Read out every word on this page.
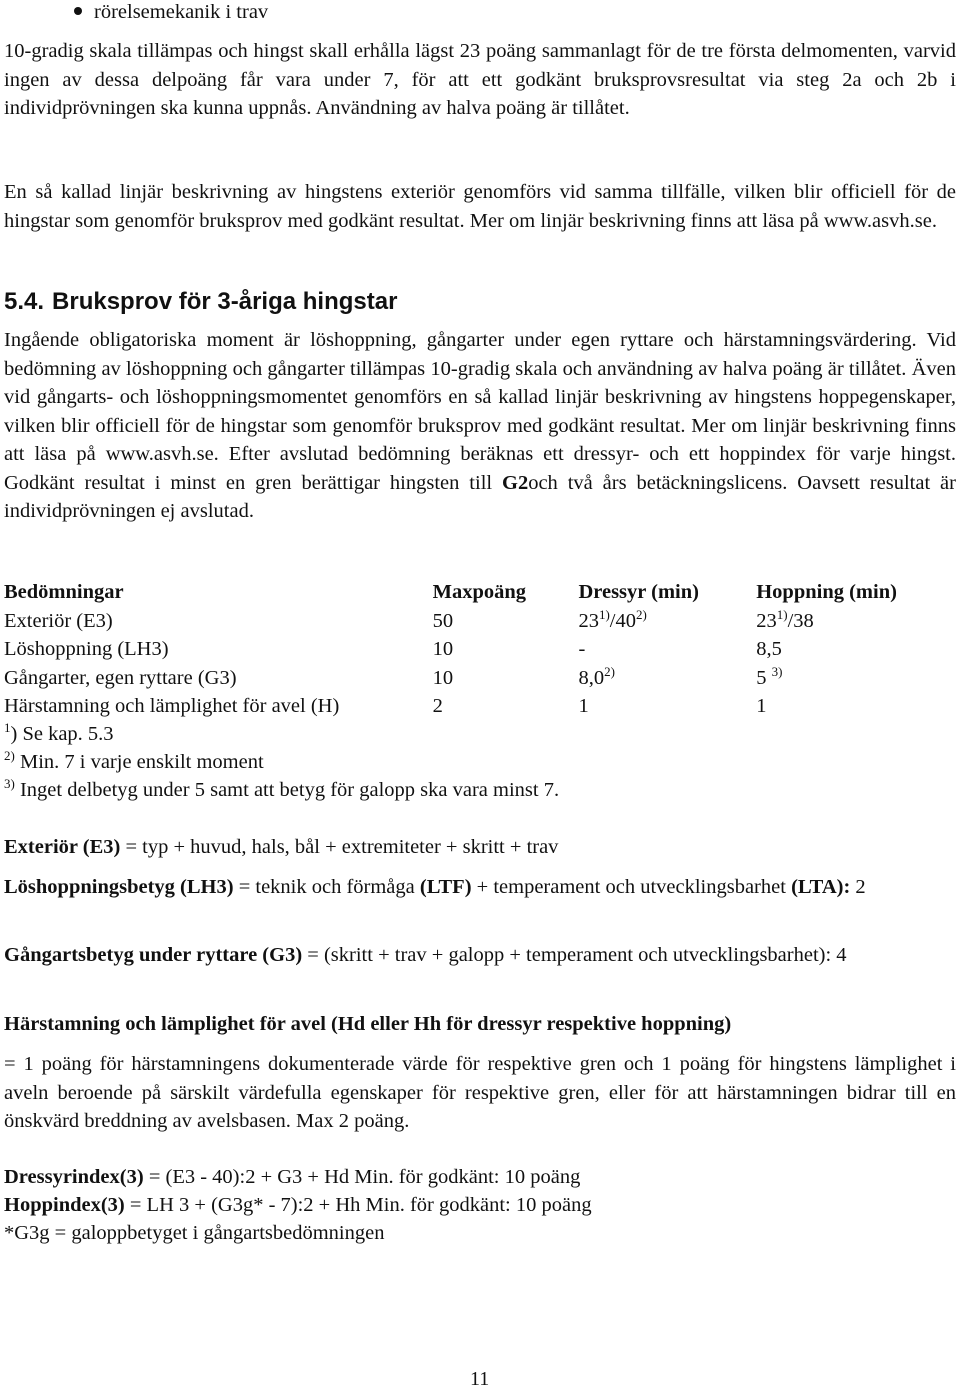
rörelsemekanik i trav
10-gradig skala tillämpas och hingst skall erhålla lägst 23 poäng sammanlagt för de tre första delmomenten, varvid ingen av dessa delpoäng får vara under 7, för att ett godkänt bruksprovsresultat via steg 2a och 2b i individprövningen ska kunna uppnås. Användning av halva poäng är tillåtet.
En så kallad linjär beskrivning av hingstens exteriör genomförs vid samma tillfälle, vilken blir officiell för de hingstar som genomför bruksprov med godkänt resultat. Mer om linjär beskrivning finns att läsa på www.asvh.se.
5.4. Bruksprov för 3-åriga hingstar
Ingående obligatoriska moment är löshoppning, gångarter under egen ryttare och härstamningsvärdering. Vid bedömning av löshoppning och gångarter tillämpas 10-gradig skala och användning av halva poäng är tillåtet. Även vid gångarts- och löshoppningsmomentet genomförs en så kallad linjär beskrivning av hingstens hoppegenskaper, vilken blir officiell för de hingstar som genomför bruksprov med godkänt resultat. Mer om linjär beskrivning finns att läsa på www.asvh.se. Efter avslutad bedömning beräknas ett dressyr- och ett hoppindex för varje hingst. Godkänt resultat i minst en gren berättigar hingsten till G2och två års betäckningslicens. Oavsett resultat är individprövningen ej avslutad.
Bedömningar	Maxpoäng	Dressyr (min)	Hoppning (min)
Exteriör (E3)	50	23$^{1)}$/40$^{2)}$	23$^{1)}$/38
Löshoppning (LH3)	10	-	8,5
Gångarter, egen ryttare (G3)	10	8,0$^{2)}$	5 $^{3)}$
Härstamning och lämplighet för avel (H)	2	1	1
$^1$) Se kap. 5.3
$^{2)}$ Min. 7 i varje enskilt moment
$^{3)}$ Inget delbetyg under 5 samt att betyg för galopp ska vara minst 7.
Exteriör (E3) = typ + huvud, hals, bål + extremiteter + skritt + trav
Löshoppningsbetyg (LH3) = teknik och förmåga (LTF) + temperament och utvecklingsbarhet (LTA): 2
Gångartsbetyg under ryttare (G3) = (skritt + trav + galopp + temperament och utvecklingsbarhet): 4
Härstamning och lämplighet för avel (Hd eller Hh för dressyr respektive hoppning)
= 1 poäng för härstamningens dokumenterade värde för respektive gren och 1 poäng för hingstens lämplighet i aveln beroende på särskilt värdefulla egenskaper för respektive gren, eller för att härstamningen bidrar till en önskvärd breddning av avelsbasen. Max 2 poäng.
Dressyrindex(3) = (E3 - 40):2 + G3 + Hd Min. för godkänt: 10 poäng
Hoppindex(3) = LH 3 + (G3g* - 7):2 + Hh Min. för godkänt: 10 poäng
*G3g = galoppbetyget i gångartsbedömningen
11
